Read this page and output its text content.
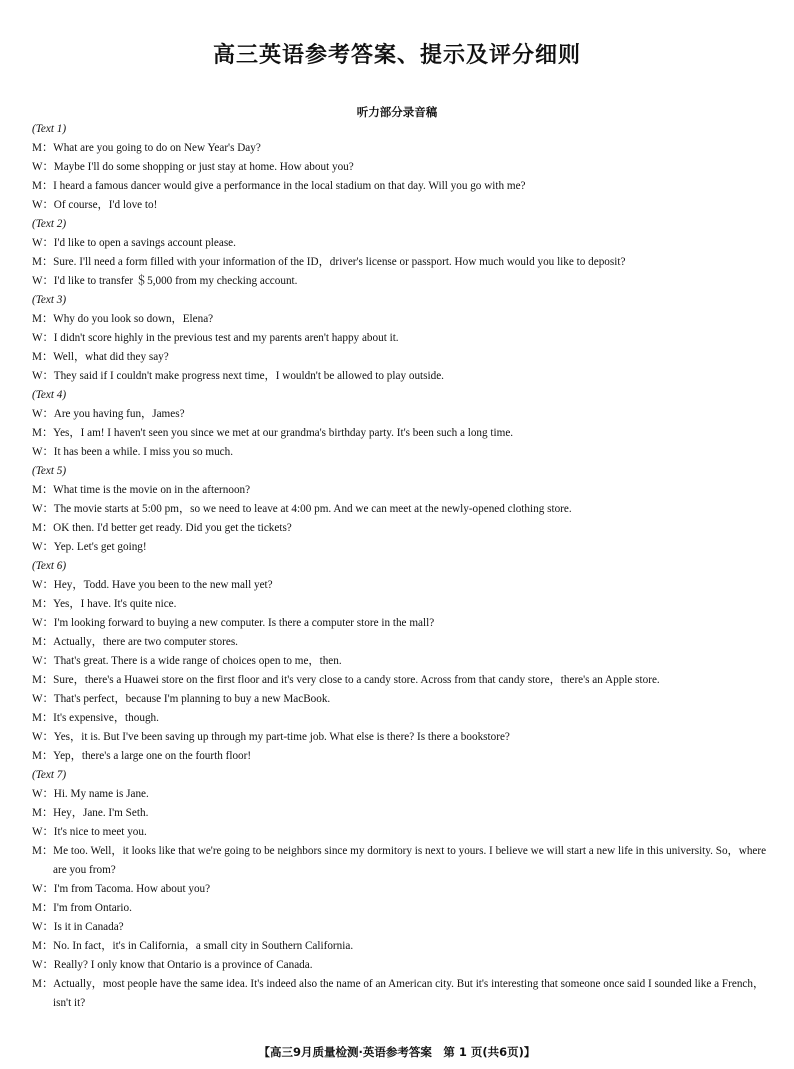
高三英语参考答案、提示及评分细则
听力部分录音稿
(Text 1)
M：What are you going to do on New Year's Day?
W：Maybe I'll do some shopping or just stay at home. How about you?
M：I heard a famous dancer would give a performance in the local stadium on that day. Will you go with me?
W：Of course，I'd love to!
(Text 2)
W：I'd like to open a savings account please.
M：Sure. I'll need a form filled with your information of the ID，driver's license or passport. How much would you like to deposit?
W：I'd like to transfer ＄5,000 from my checking account.
(Text 3)
M：Why do you look so down，Elena?
W：I didn't score highly in the previous test and my parents aren't happy about it.
M：Well，what did they say?
W：They said if I couldn't make progress next time，I wouldn't be allowed to play outside.
(Text 4)
W：Are you having fun，James?
M：Yes，I am! I haven't seen you since we met at our grandma's birthday party. It's been such a long time.
W：It has been a while. I miss you so much.
(Text 5)
M：What time is the movie on in the afternoon?
W：The movie starts at 5:00 pm，so we need to leave at 4:00 pm. And we can meet at the newly-opened clothing store.
M：OK then. I'd better get ready. Did you get the tickets?
W：Yep. Let's get going!
(Text 6)
W：Hey，Todd. Have you been to the new mall yet?
M：Yes，I have. It's quite nice.
W：I'm looking forward to buying a new computer. Is there a computer store in the mall?
M：Actually，there are two computer stores.
W：That's great. There is a wide range of choices open to me，then.
M：Sure，there's a Huawei store on the first floor and it's very close to a candy store. Across from that candy store，there's an Apple store.
W：That's perfect，because I'm planning to buy a new MacBook.
M：It's expensive，though.
W：Yes，it is. But I've been saving up through my part-time job. What else is there? Is there a bookstore?
M：Yep，there's a large one on the fourth floor!
(Text 7)
W：Hi. My name is Jane.
M：Hey，Jane. I'm Seth.
W：It's nice to meet you.
M：Me too. Well，it looks like that we're going to be neighbors since my dormitory is next to yours. I believe we will start a new life in this university. So，where are you from?
W：I'm from Tacoma. How about you?
M：I'm from Ontario.
W：Is it in Canada?
M：No. In fact，it's in California，a small city in Southern California.
W：Really? I only know that Ontario is a province of Canada.
M：Actually，most people have the same idea. It's indeed also the name of an American city. But it's interesting that someone once said I sounded like a French，isn't it?
【高三9月质量检测·英语参考答案　第 1 页(共6页)】
